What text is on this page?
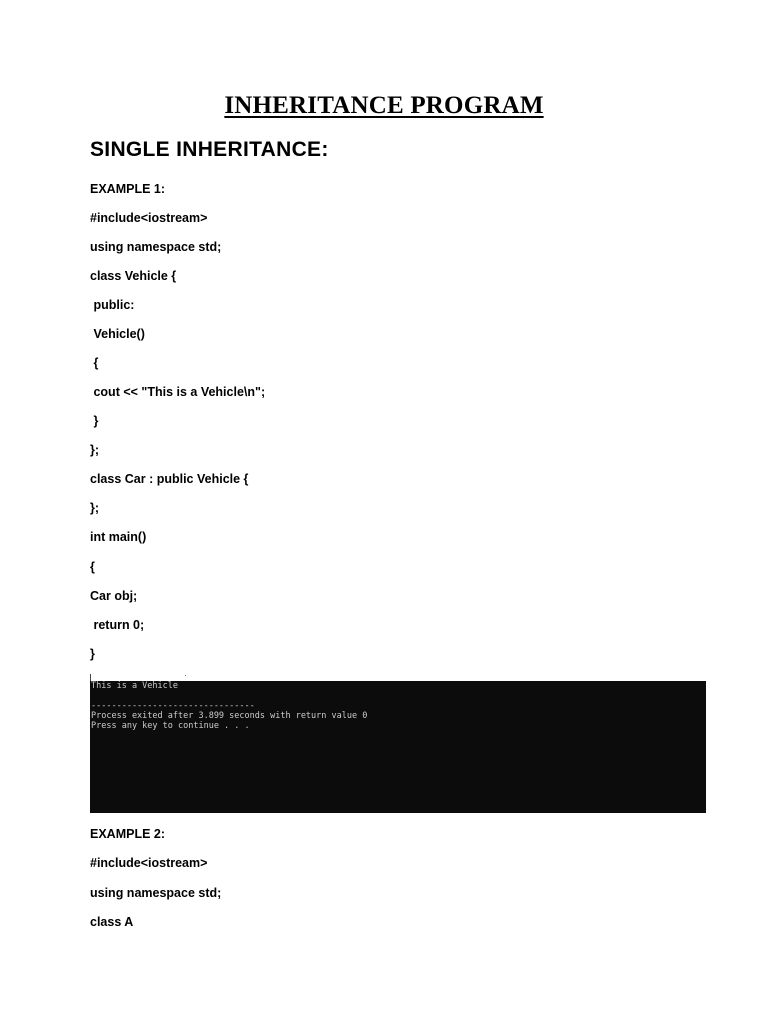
INHERITANCE PROGRAM
SINGLE INHERITANCE:
EXAMPLE 1:
#include<iostream>
using namespace std;
class Vehicle {
public:
Vehicle()
{
cout << "This is a Vehicle\n";
}
};
class Car : public Vehicle {
};
int main()
{
Car obj;
return 0;
}
This is a Vehicle
--------------------------------
Process exited after 3.899 seconds with return value 0
Press any key to continue . . .
EXAMPLE 2:
#include<iostream>
using namespace std;
class A
